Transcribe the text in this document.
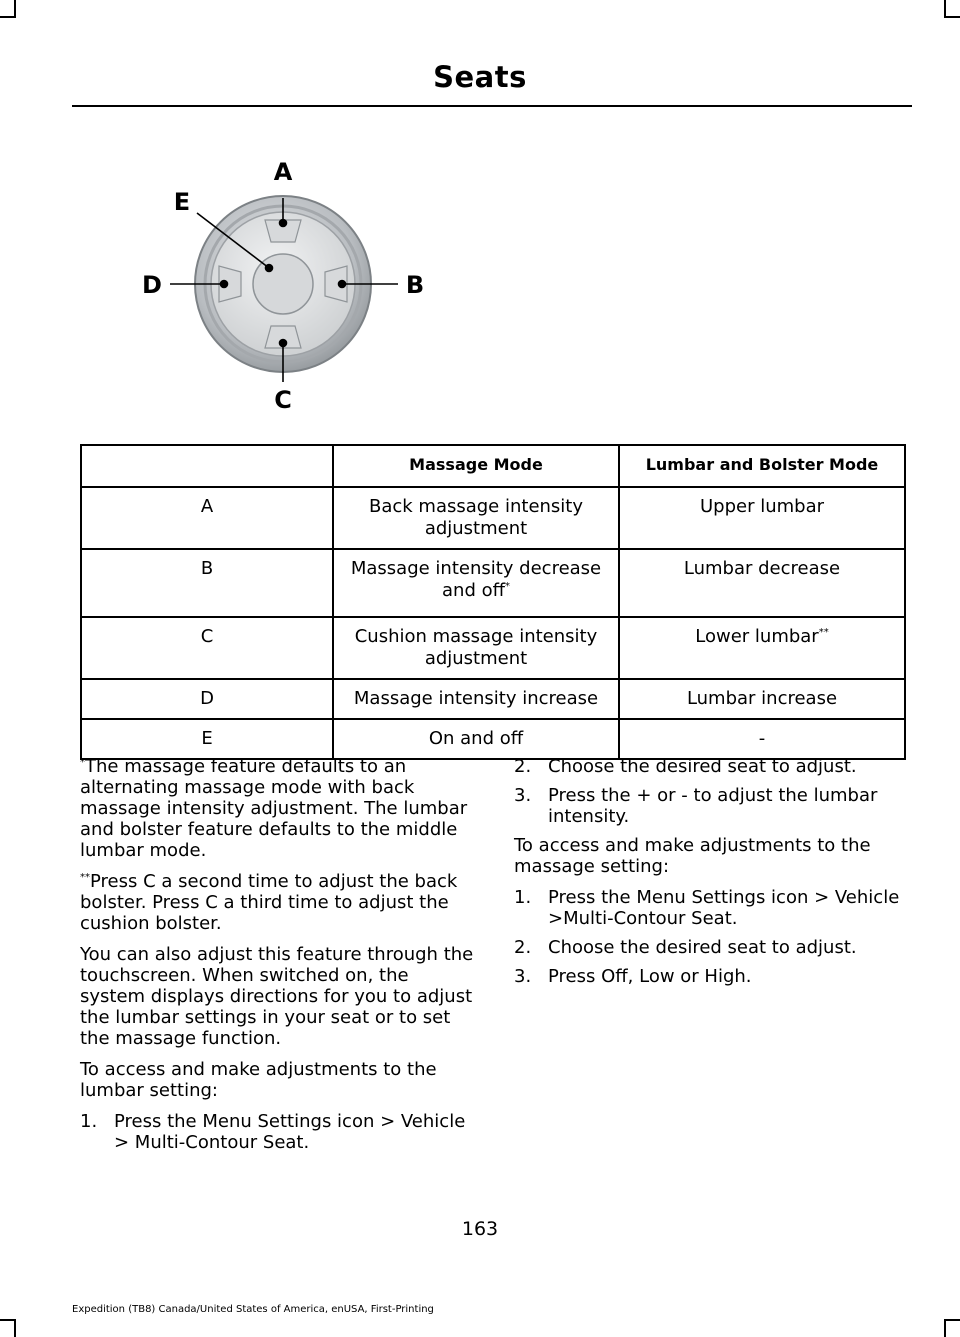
Seats
A
B
C
D
E
	Massage Mode	Lumbar and Bolster Mode
A	Back massage intensity adjustment	Upper lumbar
B	Massage intensity decrease and off*	Lumbar decrease
C	Cushion massage intensity adjustment	Lower lumbar**
D	Massage intensity increase	Lumbar increase
E	On and off	-

*The massage feature defaults to an alternating massage mode with back massage intensity adjustment. The lumbar and bolster feature defaults to the middle lumbar mode.

**Press C a second time to adjust the back bolster. Press C a third time to adjust the cushion bolster.

You can also adjust this feature through the touchscreen. When switched on, the system displays directions for you to adjust the lumbar settings in your seat or to set the massage function.

To access and make adjustments to the lumbar setting:

1. Press the Menu Settings icon > Vehicle > Multi-Contour Seat.
2. Choose the desired seat to adjust.
3. Press the + or - to adjust the lumbar intensity.

To access and make adjustments to the massage setting:

1. Press the Menu Settings icon > Vehicle >Multi-Contour Seat.
2. Choose the desired seat to adjust.
3. Press Off, Low or High.
163
Expedition (TB8) Canada/United States of America, enUSA, First-Printing
